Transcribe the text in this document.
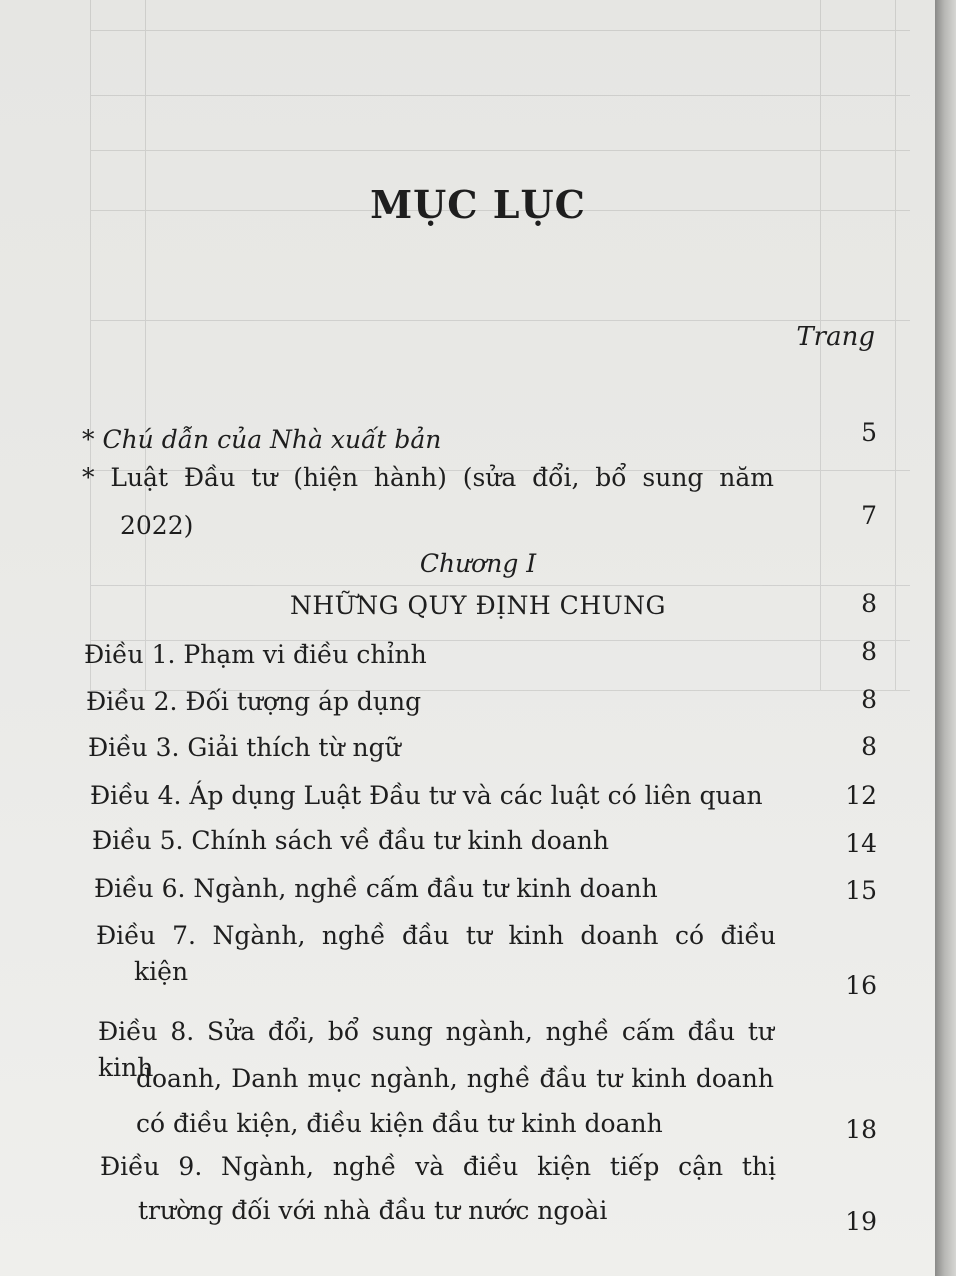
MỤC LỤC
Trang
* Chú dẫn của Nhà xuất bản	5
* Luật Đầu tư (hiện hành) (sửa đổi, bổ sung năm
2022)	7
Chương I
NHỮNG QUY ĐỊNH CHUNG	8
Điều 1. Phạm vi điều chỉnh	8
Điều 2. Đối tượng áp dụng	8
Điều 3. Giải thích từ ngữ	8
Điều 4. Áp dụng Luật Đầu tư và các luật có liên quan	12
Điều 5. Chính sách về đầu tư kinh doanh	14
Điều 6. Ngành, nghề cấm đầu tư kinh doanh	15
Điều 7. Ngành, nghề đầu tư kinh doanh có điều
kiện	16
Điều 8. Sửa đổi, bổ sung ngành, nghề cấm đầu tư kinh
doanh, Danh mục ngành, nghề đầu tư kinh doanh
có điều kiện, điều kiện đầu tư kinh doanh	18
Điều 9. Ngành, nghề và điều kiện tiếp cận thị
trường đối với nhà đầu tư nước ngoài	19
